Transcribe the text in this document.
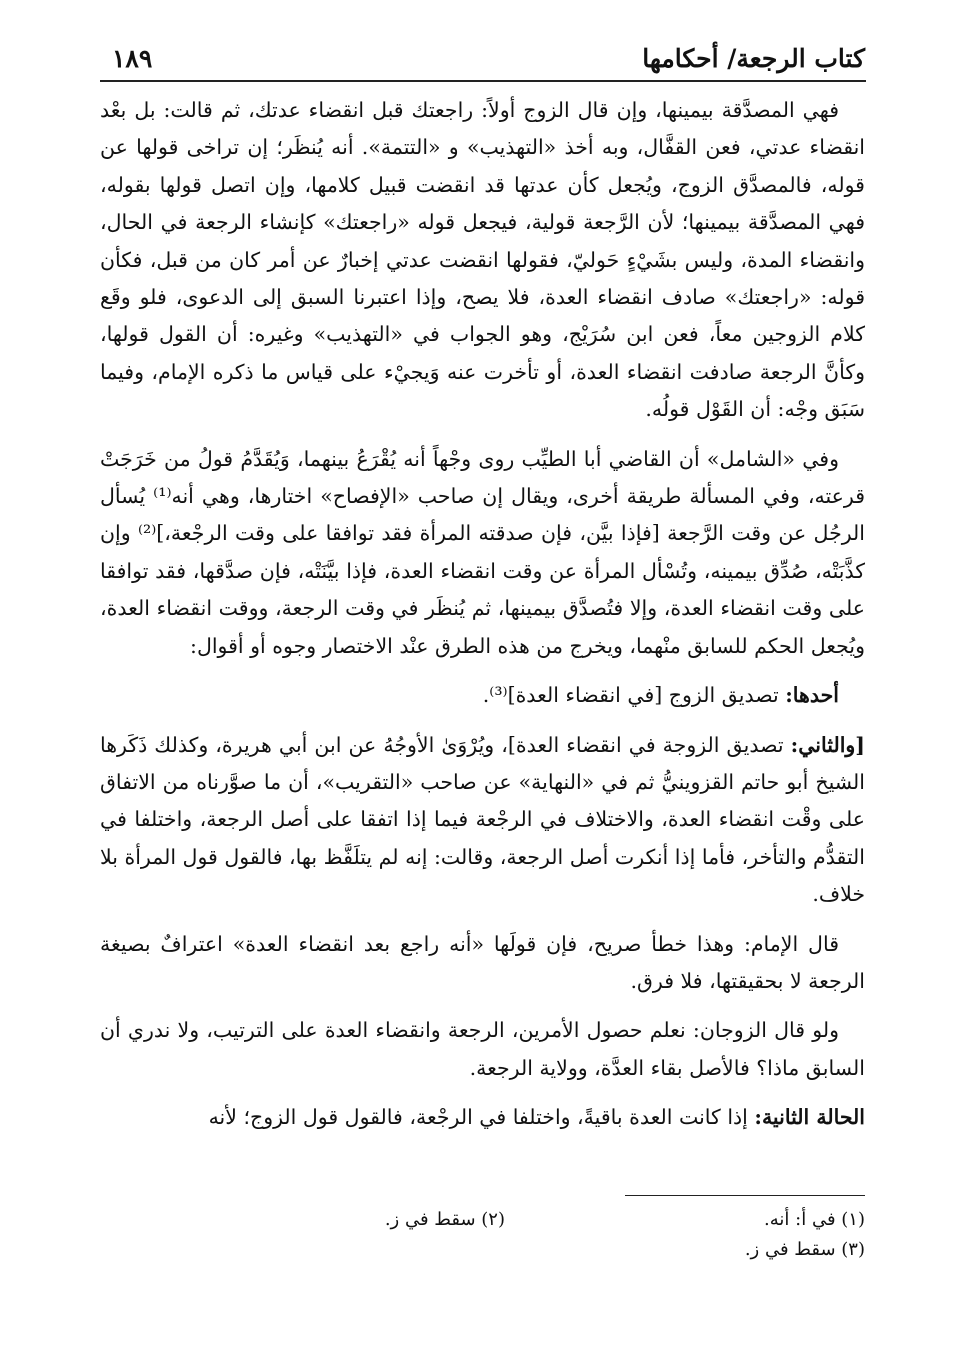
كتاب الرجعة/ أحكامها
١٨٩

فهي المصدَّقة بيمينها، وإن قال الزوج أولاً: راجعتك قبل انقضاء عدتك، ثم قالت: بل بعْد انقضاء عدتي، فعن القفَّال، وبه أخذ «التهذيب» و «التتمة». أنه يُنظَر؛ إن تراخى قولها عن قوله، فالمصدَّق الزوج، ويُجعل كأن عدتها قد انقضت قبيل كلامها، وإن اتصل قولها بقوله، فهي المصدَّقة بيمينها؛ لأن الرَّجعة قولية، فيجعل قوله «راجعتك» كإنشاء الرجعة في الحال، وانقضاء المدة، وليس بشَيْءٍ حَوليّ، فقولها انقضت عدتي إخبارٌ عن أمر كان من قبل، فكأن قوله: «راجعتك» صادف انقضاء العدة، فلا يصح، وإذا اعتبرنا السبق إلى الدعوى، فلو وقَع كلام الزوجين معاً، فعن ابن سُرَيْج، وهو الجواب في «التهذيب» وغيره: أن القول قولها، وكأنَّ الرجعة صادفت انقضاء العدة، أو تأخرت عنه وَيجيْء على قياس ما ذكره الإمام، وفيما سَبَق وجْه: أن القَوْل قولُه.

وفي «الشامل» أن القاضي أبا الطيِّب روى وجْهاً أنه يُقْرَعُ بينهما، وَيُقَدَّمُ قولُ من خَرَجَتْ قرعته، وفي المسألة طريقة أخرى، ويقال إن صاحب «الإفصاح» اختارها، وهي أنه⁽¹⁾ يُسأل الرجُل عن وقت الرَّجعة [فإذا بيَّن، فإن صدقته المرأة فقد توافقا على وقت الرجْعة،]⁽²⁾ وإن كذَّبَتْه، صُدِّق بيمينه، وتُسْأل المرأة عن وقت انقضاء العدة، فإذا بيَّنَتْه، فإن صدَّقها، فقد توافقا على وقت انقضاء العدة، وإلا فتُصدَّق بيمينها، ثم يُنظَر في وقت الرجعة، ووقت انقضاء العدة، ويُجعل الحكم للسابق منْهما، ويخرج من هذه الطرق عنْد الاختصار وجوه أو أقوال:

أحدها: تصديق الزوج [في انقضاء العدة]⁽³⁾.

[والثاني: تصديق الزوجة في انقضاء العدة]، ويُرْوَىٰ الأوجُهُ عن ابن أبي هريرة، وكذلك ذَكَرها الشيخ أبو حاتم القزوينيُّ ثم في «النهاية» عن صاحب «التقريب»، أن ما صوَّرناه من الاتفاق على وقْت انقضاء العدة، والاختلاف في الرجْعة فيما إذا اتفقا على أصل الرجعة، واختلفا في التقدُّم والتأخر، فأما إذا أنكرت أصل الرجعة، وقالت: إنه لم يتلَفَّظ بها، فالقول قول المرأة بلا خلاف.

قال الإمام: وهذا خطأ صريح، فإن قولَها «أنه راجع بعد انقضاء العدة» اعترافٌ بصيغة الرجعة لا بحقيقتها، فلا فرق.

ولو قال الزوجان: نعلم حصول الأمرين، الرجعة وانقضاء العدة على الترتيب، ولا ندري أن السابق ماذا؟ فالأصل بقاء العدَّة، وولاية الرجعة.

الحالة الثانية: إذا كانت العدة باقيةً، واختلفا في الرجْعة، فالقول قول الزوج؛ لأنه

(١) في أ: أنه.
(٢) سقط في ز.
(٣) سقط في ز.
